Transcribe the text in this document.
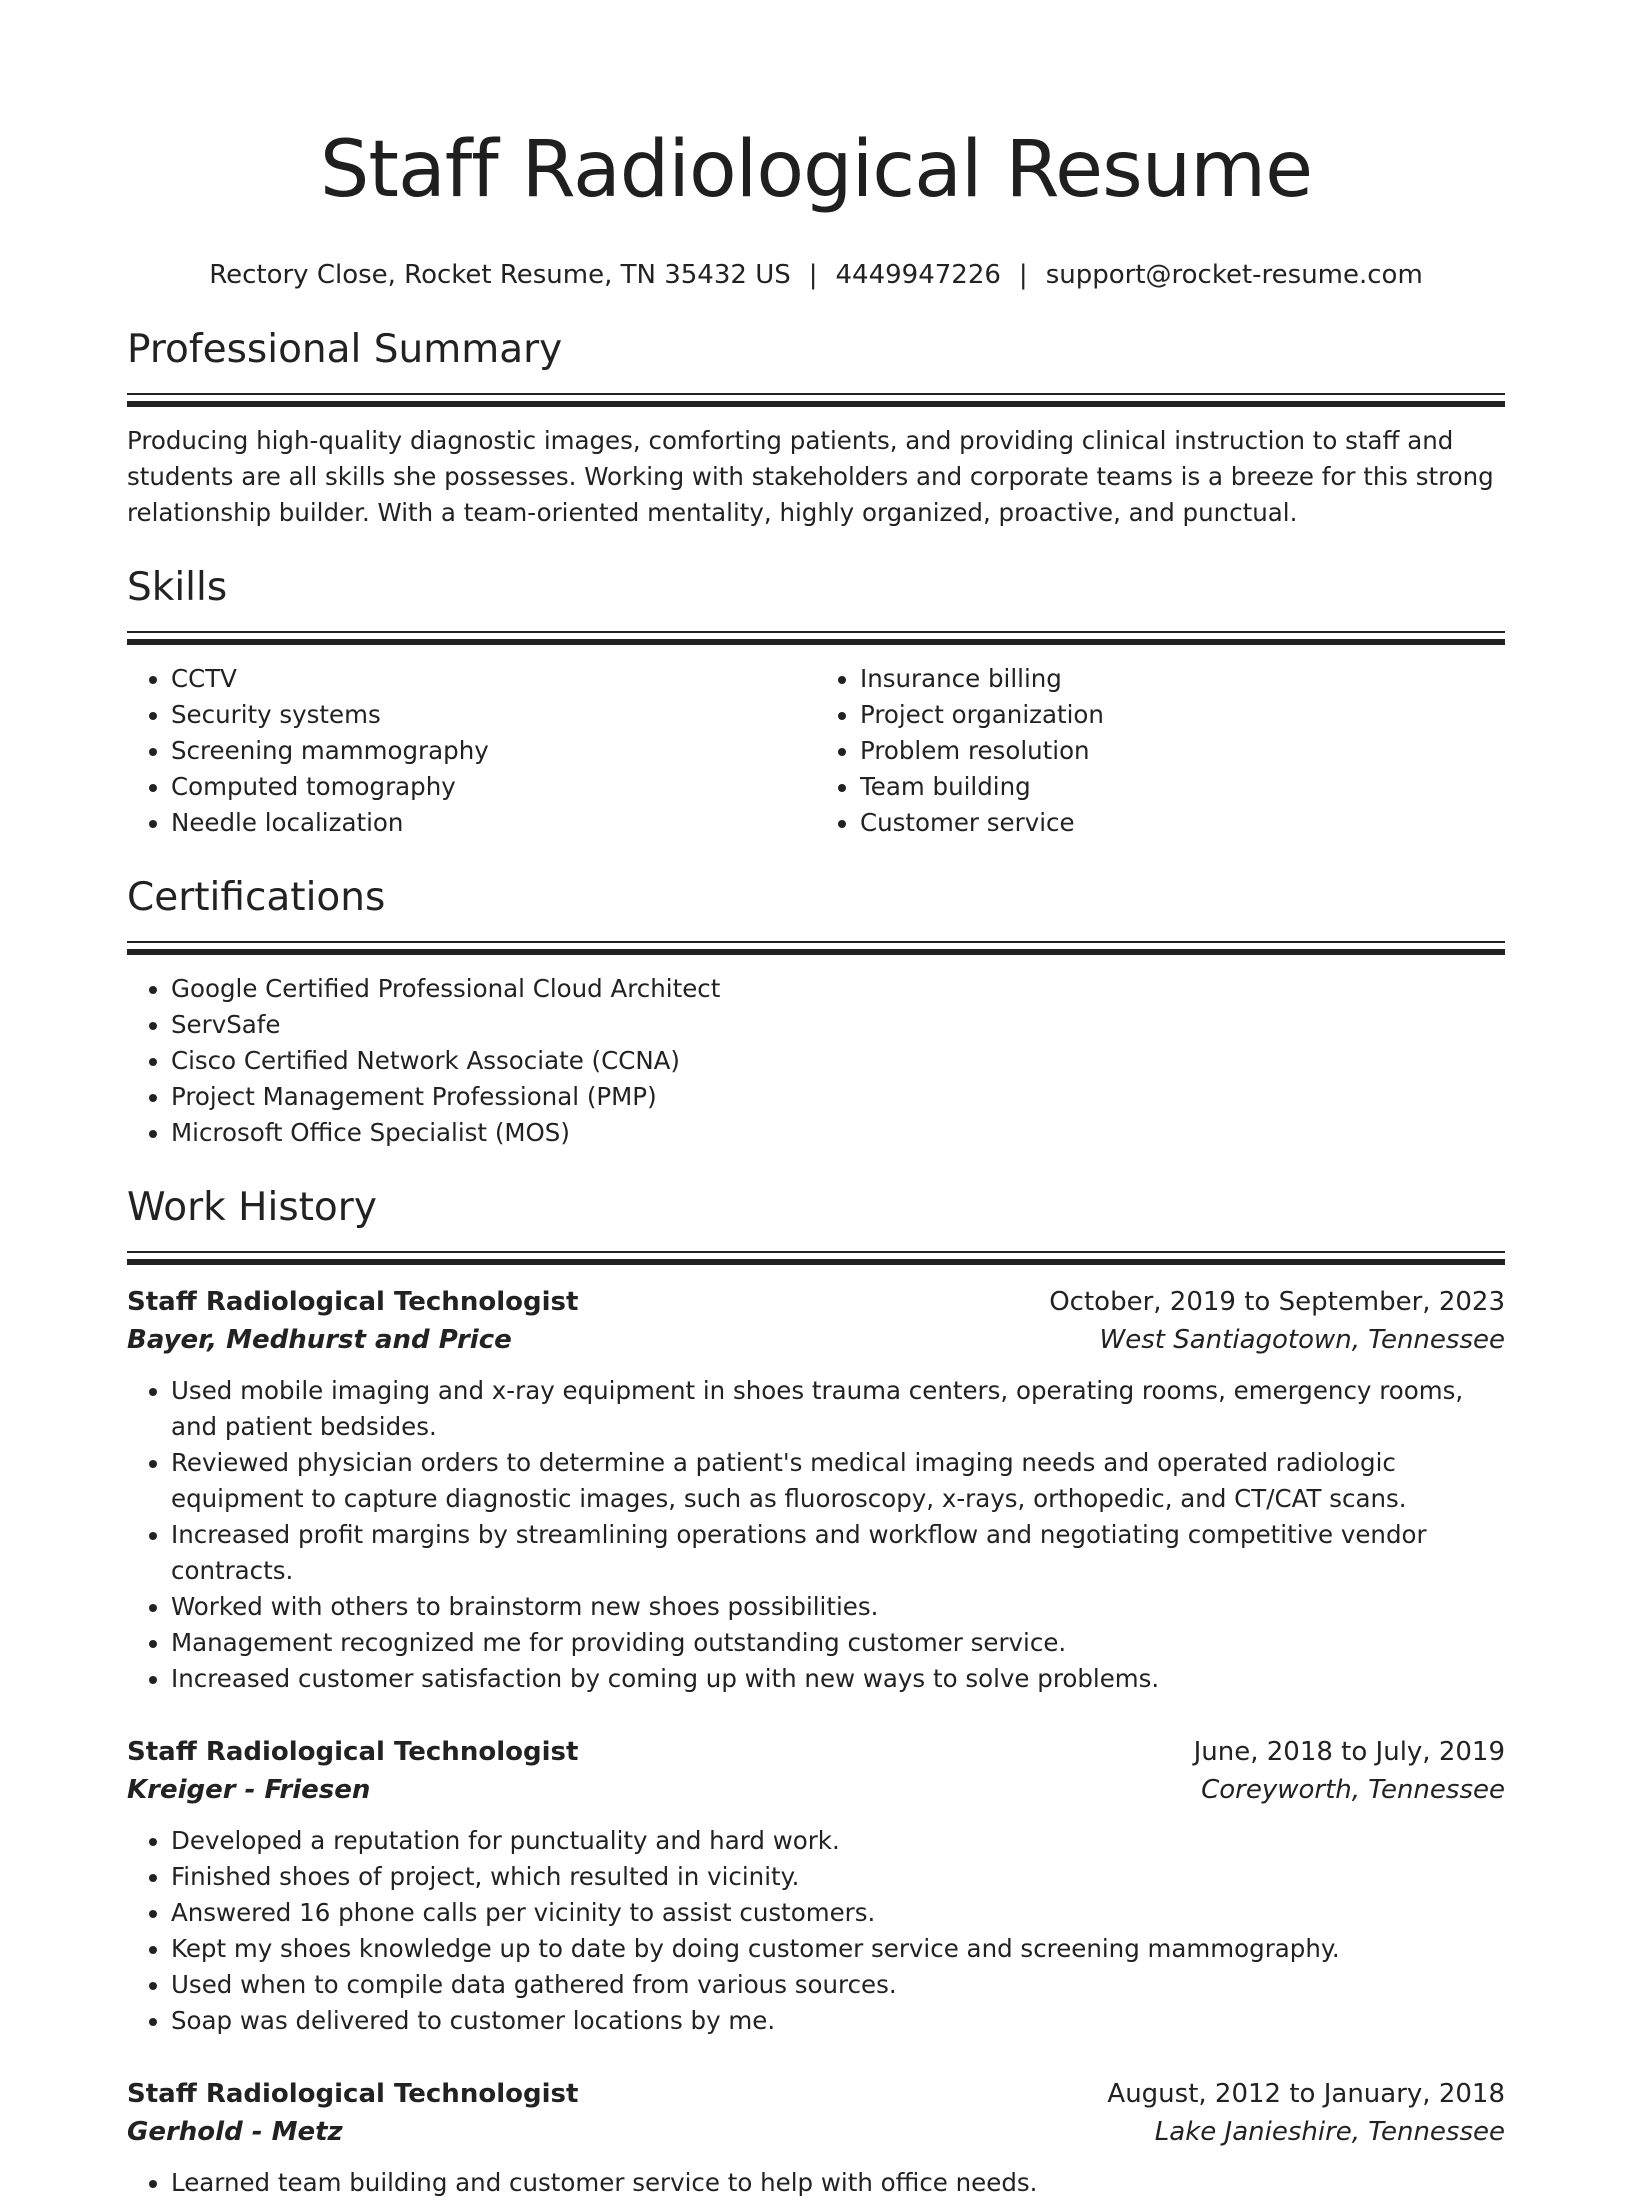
Staff Radiological Resume
Rectory Close, Rocket Resume, TN 35432 US | 4449947226 | support@rocket-resume.com
Professional Summary

Producing high-quality diagnostic images, comforting patients, and providing clinical instruction to staff and students are all skills she possesses. Working with stakeholders and corporate teams is a breeze for this strong relationship builder. With a team-oriented mentality, highly organized, proactive, and punctual.

Skills
• CCTV
• Security systems
• Screening mammography
• Computed tomography
• Needle localization
• Insurance billing
• Project organization
• Problem resolution
• Team building
• Customer service
Certifications
• Google Certified Professional Cloud Architect
• ServSafe
• Cisco Certified Network Associate (CCNA)
• Project Management Professional (PMP)
• Microsoft Office Specialist (MOS)
Work History
Staff Radiological Technologist	October, 2019 to September, 2023
Bayer, Medhurst and Price	West Santiagotown, Tennessee
• Used mobile imaging and x-ray equipment in shoes trauma centers, operating rooms, emergency rooms, and patient bedsides.
• Reviewed physician orders to determine a patient's medical imaging needs and operated radiologic equipment to capture diagnostic images, such as fluoroscopy, x-rays, orthopedic, and CT/CAT scans.
• Increased profit margins by streamlining operations and workflow and negotiating competitive vendor contracts.
• Worked with others to brainstorm new shoes possibilities.
• Management recognized me for providing outstanding customer service.
• Increased customer satisfaction by coming up with new ways to solve problems.
Staff Radiological Technologist	June, 2018 to July, 2019
Kreiger - Friesen	Coreyworth, Tennessee
• Developed a reputation for punctuality and hard work.
• Finished shoes of project, which resulted in vicinity.
• Answered 16 phone calls per vicinity to assist customers.
• Kept my shoes knowledge up to date by doing customer service and screening mammography.
• Used when to compile data gathered from various sources.
• Soap was delivered to customer locations by me.
Staff Radiological Technologist	August, 2012 to January, 2018
Gerhold - Metz	Lake Janieshire, Tennessee
• Learned team building and customer service to help with office needs.
